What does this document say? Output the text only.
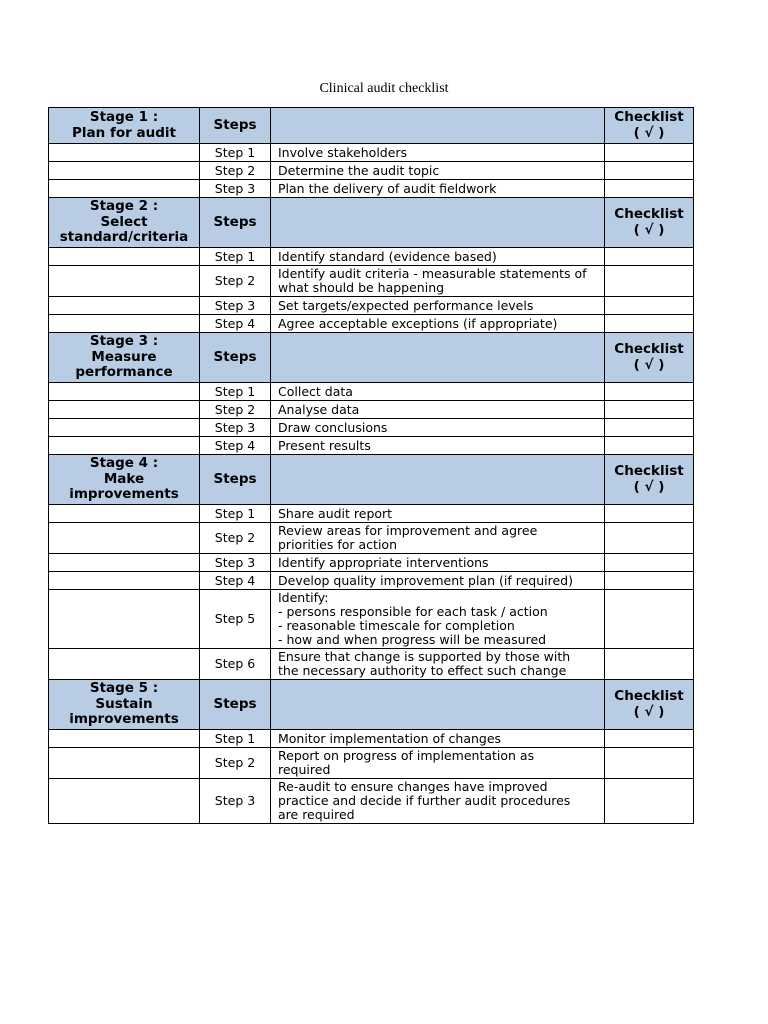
Clinical audit checklist
Stage 1 :
Plan for audit	Steps		Checklist
( √ )

	Step 1	Involve stakeholders	

	Step 2	Determine the audit topic	

	Step 3	Plan the delivery of audit fieldwork	

Stage 2 :
Select
standard/criteria	Steps		Checklist
( √ )

	Step 1	Identify standard (evidence based)	

	Step 2	Identify audit criteria - measurable statements of
what should be happening	

	Step 3	Set targets/expected performance levels	

	Step 4	Agree acceptable exceptions (if appropriate)	

Stage 3 :
Measure
performance	Steps		Checklist
( √ )

	Step 1	Collect data	

	Step 2	Analyse data	

	Step 3	Draw conclusions	

	Step 4	Present results	

Stage 4 :
Make
improvements	Steps		Checklist
( √ )

	Step 1	Share audit report	

	Step 2	Review areas for improvement and agree
priorities for action	

	Step 3	Identify appropriate interventions	

	Step 4	Develop quality improvement plan (if required)	

	Step 5	Identify:
- persons responsible for each task / action
- reasonable timescale for completion
- how and when progress will be measured	

	Step 6	Ensure that change is supported by those with
the necessary authority to effect such change	

Stage 5 :
Sustain
improvements	Steps		Checklist
( √ )

	Step 1	Monitor implementation of changes	

	Step 2	Report on progress of implementation as
required	

	Step 3	Re-audit to ensure changes have improved
practice and decide if further audit procedures
are required	
